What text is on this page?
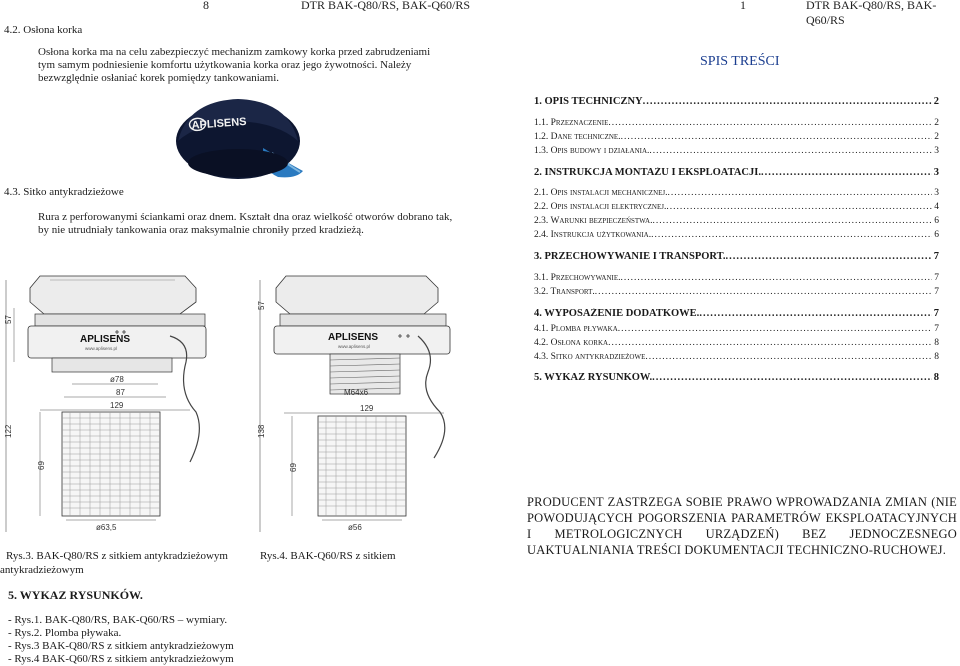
8	DTR BAK-Q80/RS, BAK-Q60/RS	1	DTR BAK-Q80/RS, BAK-Q60/RS
4.2. Osłona korka
Osłona korka ma na celu zabezpieczyć mechanizm zamkowy korka przed zabrudzeniami
tym samym podniesienie komfortu użytkowania korka oraz jego żywotności. Należy
bezwzględnie osłaniać korek pomiędzy tankowaniami.
APLISENS
4.3. Sitko antykradzieżowe
Rura z perforowanymi ściankami oraz dnem. Kształt dna oraz wielkość otworów dobrano tak,
by nie utrudniały tankowania oraz maksymalnie chroniły przed kradzieżą.
122
57
APLISENS
www.aplisens.pl
ø78
87
129
69
ø63,5
138
57
APLISENS
www.aplisens.pl
M64x6
129
69
ø56
Rys.3. BAK-Q80/RS z sitkiem antykradzieżowym
antykradzieżowym
Rys.4. BAK-Q60/RS z sitkiem
5. WYKAZ RYSUNKÓW.
- Rys.1. BAK-Q80/RS, BAK-Q60/RS – wymiary.
- Rys.2. Plomba pływaka.
- Rys.3 BAK-Q80/RS z sitkiem antykradzieżowym
- Rys.4 BAK-Q60/RS z sitkiem antykradzieżowym
SPIS TREŚCI
1. OPIS TECHNICZNY .....	2
1.1. Przeznaczenie .....	2
1.2. Dane techniczne. .....	2
1.3. Opis budowy i działania. .....	3
2. INSTRUKCJA MONTAŻU I EKSPLOATACJI. .....	3
2.1. Opis instalacji mechanicznej. .....	3
2.2. Opis instalacji elektrycznej. .....	4
2.3. Warunki bezpieczeństwa. .....	6
2.4. Instrukcja użytkowania. .....	6
3. PRZECHOWYWANIE I TRANSPORT. .....	7
3.1. Przechowywanie. .....	7
3.2. Transport. .....	7
4. WYPOSAŻENIE DODATKOWE. .....	7
4.1. Plomba pływaka .....	7
4.2. Osłona korka .....	8
4.3. Sitko antykradzieżowe .....	8
5. WYKAZ RYSUNKÓW. .....	8
PRODUCENT ZASTRZEGA SOBIE PRAWO WPROWADZANIA ZMIAN (NIE POWODUJĄCYCH POGORSZENIA PARAMETRÓW EKSPLOATACYJNYCH I METROLOGICZNYCH URZĄDZEŃ) BEZ JEDNOCZESNEGO UAKTUALNIANIA TREŚCI DOKUMENTACJI TECHNICZNO-RUCHOWEJ.
